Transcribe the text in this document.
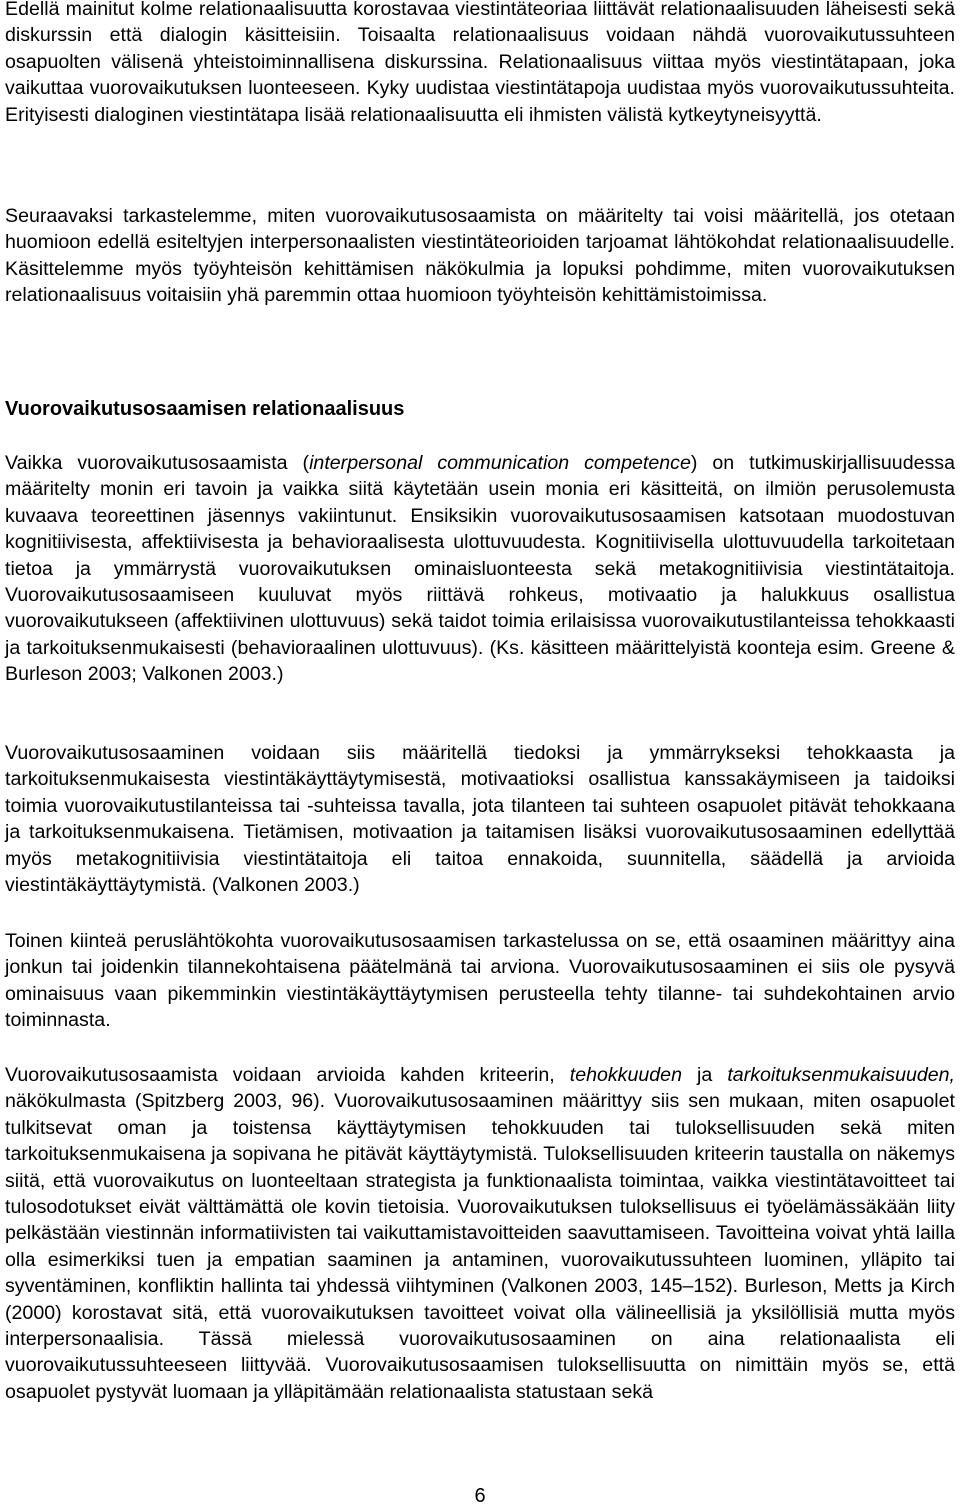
Edellä mainitut kolme relationaalisuutta korostavaa viestintäteoriaa liittävät relationaalisuuden läheisesti sekä diskurssin että dialogin käsitteisiin. Toisaalta relationaalisuus voidaan nähdä vuorovaikutussuhteen osapuolten välisenä yhteistoiminnallisena diskurssina. Relationaalisuus viittaa myös viestintätapaan, joka vaikuttaa vuorovaikutuksen luonteeseen. Kyky uudistaa viestintätapoja uudistaa myös vuorovaikutussuhteita. Erityisesti dialoginen viestintätapa lisää relationaalisuutta eli ihmisten välistä kytkeytyneisyyttä.

Seuraavaksi tarkastelemme, miten vuorovaikutusosaamista on määritelty tai voisi määritellä, jos otetaan huomioon edellä esiteltyjen interpersonaalisten viestintäteorioiden tarjoamat lähtökohdat relationaalisuudelle. Käsittelemme myös työyhteisön kehittämisen näkökulmia ja lopuksi pohdimme, miten vuorovaikutuksen relationaalisuus voitaisiin yhä paremmin ottaa huomioon työyhteisön kehittämistoimissa.

Vuorovaikutusosaamisen relationaalisuus

Vaikka vuorovaikutusosaamista (interpersonal communication competence) on tutkimuskirjallisuudessa määritelty monin eri tavoin ja vaikka siitä käytetään usein monia eri käsitteitä, on ilmiön perusolemusta kuvaava teoreettinen jäsennys vakiintunut. Ensiksikin vuorovaikutusosaamisen katsotaan muodostuvan kognitiivisesta, affektiivisesta ja behavioraalisesta ulottuvuudesta. Kognitiivisella ulottuvuudella tarkoitetaan tietoa ja ymmärrystä vuorovaikutuksen ominaisluonteesta sekä metakognitiivisia viestintätaitoja. Vuorovaikutusosaamiseen kuuluvat myös riittävä rohkeus, motivaatio ja halukkuus osallistua vuorovaikutukseen (affektiivinen ulottuvuus) sekä taidot toimia erilaisissa vuorovaikutustilanteissa tehokkaasti ja tarkoituksenmukaisesti (behavioraalinen ulottuvuus). (Ks. käsitteen määrittelyistä koonteja esim. Greene & Burleson 2003; Valkonen 2003.)

Vuorovaikutusosaaminen voidaan siis määritellä tiedoksi ja ymmärrykseksi tehokkaasta ja tarkoituksenmukaisesta viestintäkäyttäytymisestä, motivaatioksi osallistua kanssakäymiseen ja taidoiksi toimia vuorovaikutustilanteissa tai -suhteissa tavalla, jota tilanteen tai suhteen osapuolet pitävät tehokkaana ja tarkoituksenmukaisena. Tietämisen, motivaation ja taitamisen lisäksi vuorovaikutusosaaminen edellyttää myös metakognitiivisia viestintätaitoja eli taitoa ennakoida, suunnitella, säädellä ja arvioida viestintäkäyttäytymistä. (Valkonen 2003.)

Toinen kiinteä peruslähtökohta vuorovaikutusosaamisen tarkastelussa on se, että osaaminen määrittyy aina jonkun tai joidenkin tilannekohtaisena päätelmänä tai arviona. Vuorovaikutusosaaminen ei siis ole pysyvä ominaisuus vaan pikemminkin viestintäkäyttäytymisen perusteella tehty tilanne- tai suhdekohtainen arvio toiminnasta.

Vuorovaikutusosaamista voidaan arvioida kahden kriteerin, tehokkuuden ja tarkoituksenmukaisuuden, näkökulmasta (Spitzberg 2003, 96). Vuorovaikutusosaaminen määrittyy siis sen mukaan, miten osapuolet tulkitsevat oman ja toistensa käyttäytymisen tehokkuuden tai tuloksellisuuden sekä miten tarkoituksenmukaisena ja sopivana he pitävät käyttäytymistä. Tuloksellisuuden kriteerin taustalla on näkemys siitä, että vuorovaikutus on luonteeltaan strategista ja funktionaalista toimintaa, vaikka viestintätavoitteet tai tulosodotukset eivät välttämättä ole kovin tietoisia. Vuorovaikutuksen tuloksellisuus ei työelämässäkään liity pelkästään viestinnän informatiivisten tai vaikuttamistavoitteiden saavuttamiseen. Tavoitteina voivat yhtä lailla olla esimerkiksi tuen ja empatian saaminen ja antaminen, vuorovaikutussuhteen luominen, ylläpito tai syventäminen, konfliktin hallinta tai yhdessä viihtyminen (Valkonen 2003, 145‒152). Burleson, Metts ja Kirch (2000) korostavat sitä, että vuorovaikutuksen tavoitteet voivat olla välineellisiä ja yksilöllisiä mutta myös interpersonaalisia. Tässä mielessä vuorovaikutusosaaminen on aina relationaalista eli vuorovaikutussuhteeseen liittyvää. Vuorovaikutusosaamisen tuloksellisuutta on nimittäin myös se, että osapuolet pystyvät luomaan ja ylläpitämään relationaalista statustaan sekä

6
